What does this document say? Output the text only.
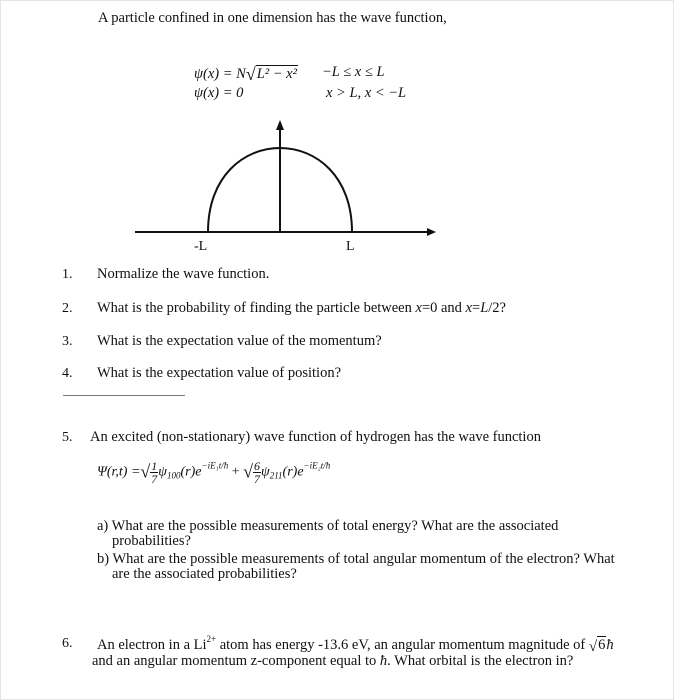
A particle confined in one dimension has the wave function,
ψ(x) = N√L² − x² −L ≤ x ≤ L
ψ(x) = 0	x > L, x < −L
-L	L
1. Normalize the wave function.
2. What is the probability of finding the particle between x=0 and x=L/2?
3. What is the expectation value of the momentum?
4. What is the expectation value of position?
5. An excited (non-stationary) wave function of hydrogen has the wave function
Ψ(r,t) =√ $\frac{1}{7} \psi_{100}(r)e^{-iE_1t/ħ}$ + √ $\frac{6}{7} \psi_{211}(r)e^{-iE_2t/ħ}$
a) What are the possible measurements of total energy? What are the associated
probabilities?
b) What are the possible measurements of total angular momentum of the electron? What
are the associated probabilities?
6. An electron in a $Li^{2+}$ atom has energy -13.6 eV, an angular momentum magnitude of √6ħ
and an angular momentum z-component equal to ħ. What orbital is the electron in?
